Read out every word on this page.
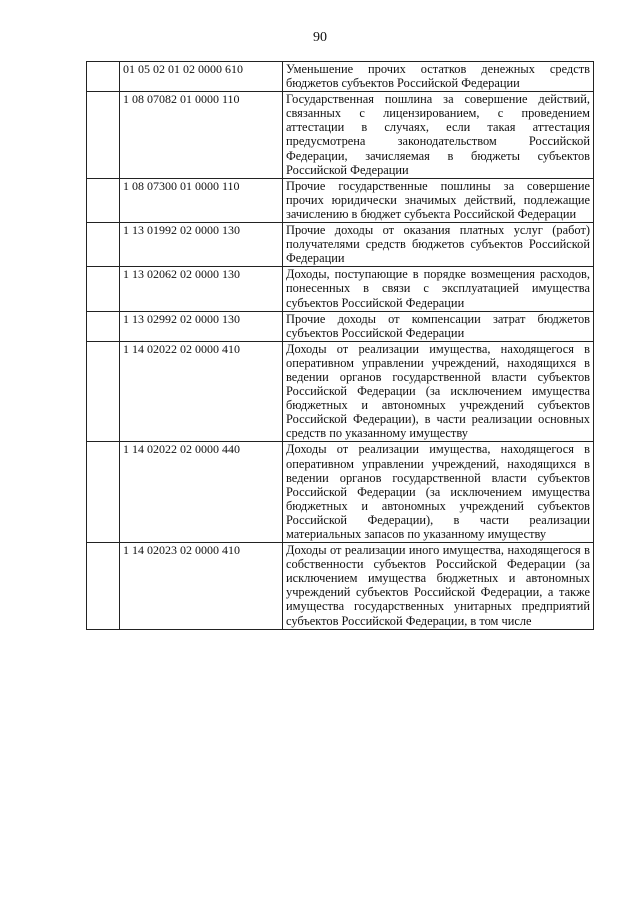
90
	01 05 02 01 02 0000 610	Уменьшение прочих остатков денежных средств бюджетов субъектов Российской Федерации
	1 08 07082 01 0000 110	Государственная пошлина за совершение действий, связанных с лицензированием, с проведением аттестации в случаях, если такая аттестация предусмотрена законодательством Российской Федерации, зачисляемая в бюджеты субъектов Российской Федерации
	1 08 07300 01 0000 110	Прочие государственные пошлины за совершение прочих юридически значимых действий, подлежащие зачислению в бюджет субъекта Российской Федерации
	1 13 01992 02 0000 130	Прочие доходы от оказания платных услуг (работ) получателями средств бюджетов субъектов Российской Федерации
	1 13 02062 02 0000 130	Доходы, поступающие в порядке возмещения расходов, понесенных в связи с эксплуатацией имущества субъектов Российской Федерации
	1 13 02992 02 0000 130	Прочие доходы от компенсации затрат бюджетов субъектов Российской Федерации
	1 14 02022 02 0000 410	Доходы от реализации имущества, находящегося в оперативном управлении учреждений, находящихся в ведении органов государственной власти субъектов Российской Федерации (за исключением имущества бюджетных и автономных учреждений субъектов Российской Федерации), в части реализации основных средств по указанному имуществу
	1 14 02022 02 0000 440	Доходы от реализации имущества, находящегося в оперативном управлении учреждений, находящихся в ведении органов государственной власти субъектов Российской Федерации (за исключением имущества бюджетных и автономных учреждений субъектов Российской Федерации), в части реализации материальных запасов по указанному имуществу
	1 14 02023 02 0000 410	Доходы от реализации иного имущества, находящегося в собственности субъектов Российской Федерации (за исключением имущества бюджетных и автономных учреждений субъектов Российской Федерации, а также имущества государственных унитарных предприятий субъектов Российской Федерации, в том числе
